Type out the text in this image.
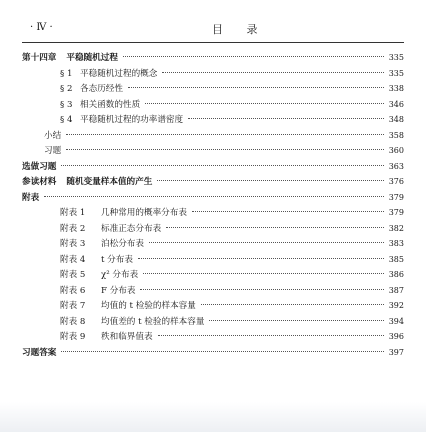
· Ⅳ ·	目 录
第十四章 平稳随机过程	335
§ 1 平稳随机过程的概念	335
§ 2 各态历经性	338
§ 3 相关函数的性质	346
§ 4 平稳随机过程的功率谱密度	348
小结	358
习题	360
选做习题	363
参读材料 随机变量样本值的产生	376
附表	379
附表 1 几种常用的概率分布表	379
附表 2 标准正态分布表	382
附表 3 泊松分布表	383
附表 4 t 分布表	385
附表 5 χ² 分布表	386
附表 6 F 分布表	387
附表 7 均值的 t 检验的样本容量	392
附表 8 均值差的 t 检验的样本容量	394
附表 9 秩和临界值表	396
习题答案	397
